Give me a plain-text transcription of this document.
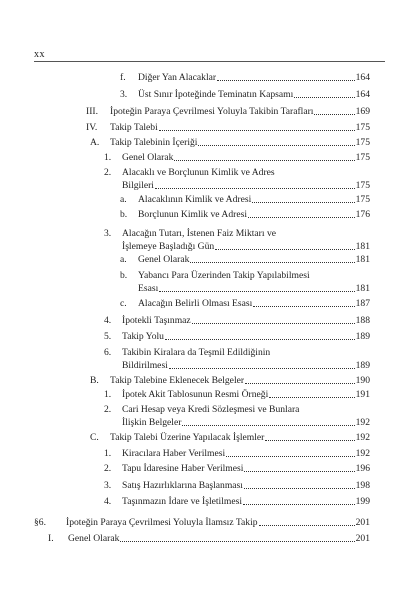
xx
f. Diğer Yan Alacaklar	164
3. Üst Sınır İpoteğinde Teminatın Kapsamı	164
III. İpoteğin Paraya Çevrilmesi Yoluyla Takibin Tarafları	169
IV. Takip Talebi	175
A. Takip Talebinin İçeriği	175
1. Genel Olarak	175
2. Alacaklı ve Borçlunun Kimlik ve Adres
Bilgileri	175
a. Alacaklının Kimlik ve Adresi	175
b. Borçlunun Kimlik ve Adresi	176
3. Alacağın Tutarı, İstenen Faiz Miktarı ve
İşlemeye Başladığı Gün	181
a. Genel Olarak	181
b. Yabancı Para Üzerinden Takip Yapılabilmesi
Esası	181
c. Alacağın Belirli Olması Esası	187
4. İpotekli Taşınmaz	188
5. Takip Yolu	189
6. Takibin Kiralara da Teşmil Edildiğinin
Bildirilmesi	189
B. Takip Talebine Eklenecek Belgeler	190
1. İpotek Akit Tablosunun Resmi Örneği	191
2. Cari Hesap veya Kredi Sözleşmesi ve Bunlara
İlişkin Belgeler	192
C. Takip Talebi Üzerine Yapılacak İşlemler	192
1. Kiracılara Haber Verilmesi	192
2. Tapu İdaresine Haber Verilmesi	196
3. Satış Hazırlıklarına Başlanması	198
4. Taşınmazın İdare ve İşletilmesi	199
§6. İpoteğin Paraya Çevrilmesi Yoluyla İlamsız Takip	201
I. Genel Olarak	201
